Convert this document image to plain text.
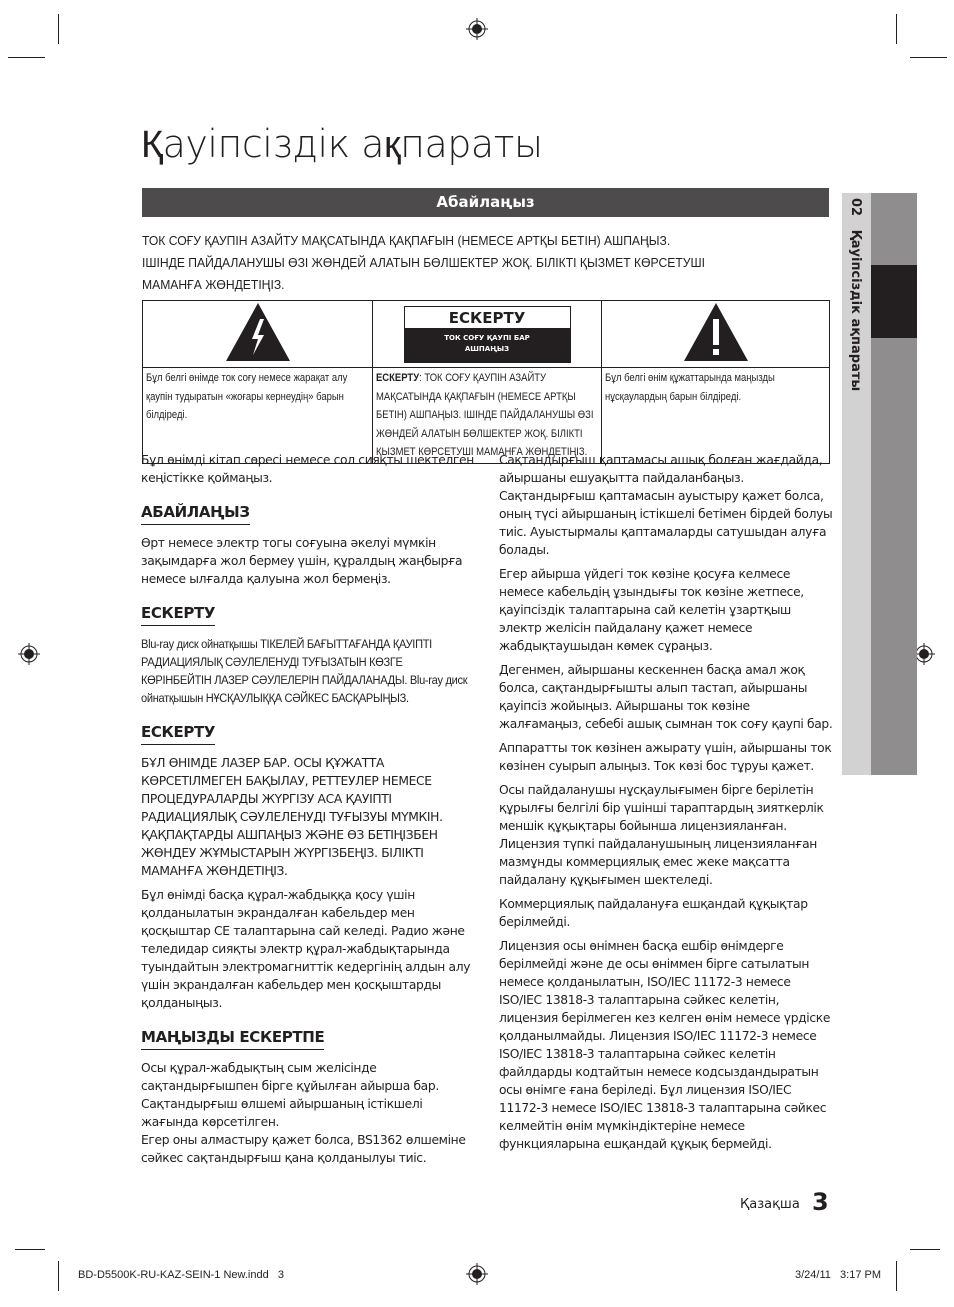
Қауіпсіздік ақпараты
Абайлаңыз

ТОК СОҒУ ҚАУПІН АЗАЙТУ МАҚСАТЫНДА ҚАҚПАҒЫН (НЕМЕСЕ АРТҚЫ БЕТІН) АШПАҢЫЗ.

ІШІНДЕ ПАЙДАЛАНУШЫ ӨЗІ ЖӨНДЕЙ АЛАТЫН БӨЛШЕКТЕР ЖОҚ. БІЛІКТІ ҚЫЗМЕТ КӨРСЕТУШІ

МАМАНҒА ЖӨНДЕТІҢІЗ.

ЕСКЕРТУ
ТОК СОҒУ ҚАУПІ БАР
АШПАҢЫЗ

Бұл белгі өнімде ток соғу немесе жарақат алу қаупін тудыратын «жоғары кернеудің» барын білдіреді.	ЕСКЕРТУ: ТОК СОҒУ ҚАУПІН АЗАЙТУ МАҚСАТЫНДА ҚАҚПАҒЫН (НЕМЕСЕ АРТҚЫ БЕТІН) АШПАҢЫЗ. ІШІНДЕ ПАЙДАЛАНУШЫ ӨЗІ ЖӨНДЕЙ АЛАТЫН БӨЛШЕКТЕР ЖОҚ. БІЛІКТІ ҚЫЗМЕТ КӨРСЕТУШІ МАМАНҒА ЖӨНДЕТІҢІЗ.	Бұл белгі өнім құжаттарында маңызды нұсқаулардың барын білдіреді.

Бұл өнімді кітап сөресі немесе сол сияқты шектелген кеңістікке қоймаңыз.

АБАЙЛАҢЫЗ

Өрт немесе электр тогы соғуына әкелуі мүмкін зақымдарға жол бермеу үшін, құралдың жаңбырға немесе ылғалда қалуына жол бермеңіз.

ЕСКЕРТУ

Blu-ray диск ойнатқышы ТІКЕЛЕЙ БАҒЫТТАҒАНДА ҚАУІПТІ РАДИАЦИЯЛЫҚ СӘУЛЕЛЕНУДІ ТУҒЫЗАТЫН КӨЗГЕ КӨРІНБЕЙТІН ЛАЗЕР СӘУЛЕЛЕРІН ПАЙДАЛАНАДЫ. Blu-ray диск ойнатқышын НҰСҚАУЛЫҚҚА СӘЙКЕС БАСҚАРЫҢЫЗ.

ЕСКЕРТУ

БҰЛ ӨНІМДЕ ЛАЗЕР БАР. ОСЫ ҚҰЖАТТА КӨРСЕТІЛМЕГЕН БАҚЫЛАУ, РЕТТЕУЛЕР НЕМЕСЕ ПРОЦЕДУРАЛАРДЫ ЖҮРГІЗУ АСА ҚАУІПТІ РАДИАЦИЯЛЫҚ СӘУЛЕЛЕНУДІ ТУҒЫЗУЫ МҮМКІН. ҚАҚПАҚТАРДЫ АШПАҢЫЗ ЖӘНЕ ӨЗ БЕТІҢІЗБЕН ЖӨНДЕУ ЖҰМЫСТАРЫН ЖҮРГІЗБЕҢІЗ. БІЛІКТІ МАМАНҒА ЖӨНДЕТІҢІЗ.

Бұл өнімді басқа құрал-жабдыққа қосу үшін қолданылатын экрандалған кабельдер мен қосқыштар CE талаптарына сай келеді. Радио және теледидар сияқты электр құрал-жабдықтарында туындайтын электромагниттік кедергінің алдын алу үшін экрандалған кабельдер мен қосқыштарды қолданыңыз.

МАҢЫЗДЫ ЕСКЕРТПЕ

Осы құрал-жабдықтың сым желісінде сақтандырғышпен бірге құйылған айырша бар. Сақтандырғыш өлшемі айыршаның істікшелі жағында көрсетілген.

Егер оны алмастыру қажет болса, BS1362 өлшеміне сәйкес сақтандырғыш қана қолданылуы тиіс.

Сақтандырғыш қаптамасы ашық болған жағдайда, айыршаны ешуақытта пайдаланбаңыз. Сақтандырғыш қаптамасын ауыстыру қажет болса, оның түсі айыршаның істікшелі бетімен бірдей болуы тиіс. Ауыстырмалы қаптамаларды сатушыдан алуға болады.

Егер айырша үйдегі ток көзіне қосуға келмесе немесе кабельдің ұзындығы ток көзіне жетпесе, қауіпсіздік талаптарына сай келетін ұзартқыш электр желісін пайдалану қажет немесе жабдықтаушыдан көмек сұраңыз.

Дегенмен, айыршаны кескеннен басқа амал жоқ болса, сақтандырғышты алып тастап, айыршаны қауіпсіз жойыңыз. Айыршаны ток көзіне жалғамаңыз, себебі ашық сымнан ток соғу қаупі бар.

Аппаратты ток көзінен ажырату үшін, айыршаны ток көзінен суырып алыңыз. Ток көзі бос тұруы қажет.

Осы пайдаланушы нұсқаулығымен бірге берілетін құрылғы белгілі бір үшінші тараптардың зияткерлік меншік құқықтары бойынша лицензияланған. Лицензия түпкі пайдаланушының лицензияланған мазмұнды коммерциялық емес жеке мақсатта пайдалану құқығымен шектеледі.

Коммерциялық пайдалануға ешқандай құқықтар берілмейді.

Лицензия осы өнімнен басқа ешбір өнімдерге берілмейді және де осы өніммен бірге сатылатын немесе қолданылатын, ISO/IEC 11172-3 немесе ISO/IEC 13818-3 талаптарына сәйкес келетін, лицензия берілмеген кез келген өнім немесе үрдіске қолданылмайды. Лицензия ISO/IEC 11172-3 немесе ISO/IEC 13818-3 талаптарына сәйкес келетін файлдарды кодтайтын немесе кодсыздандыратын осы өнімге ғана беріледі. Бұл лицензия ISO/IEC 11172-3 немесе ISO/IEC 13818-3 талаптарына сәйкес келмейтін өнім мүмкіндіктеріне немесе функцияларына ешқандай құқық бермейді.

02   Қауіпсіздік ақпараты
Қазақша 3
BD-D5500K-RU-KAZ-SEIN-1 New.indd   3	3/24/11   3:17 PM
